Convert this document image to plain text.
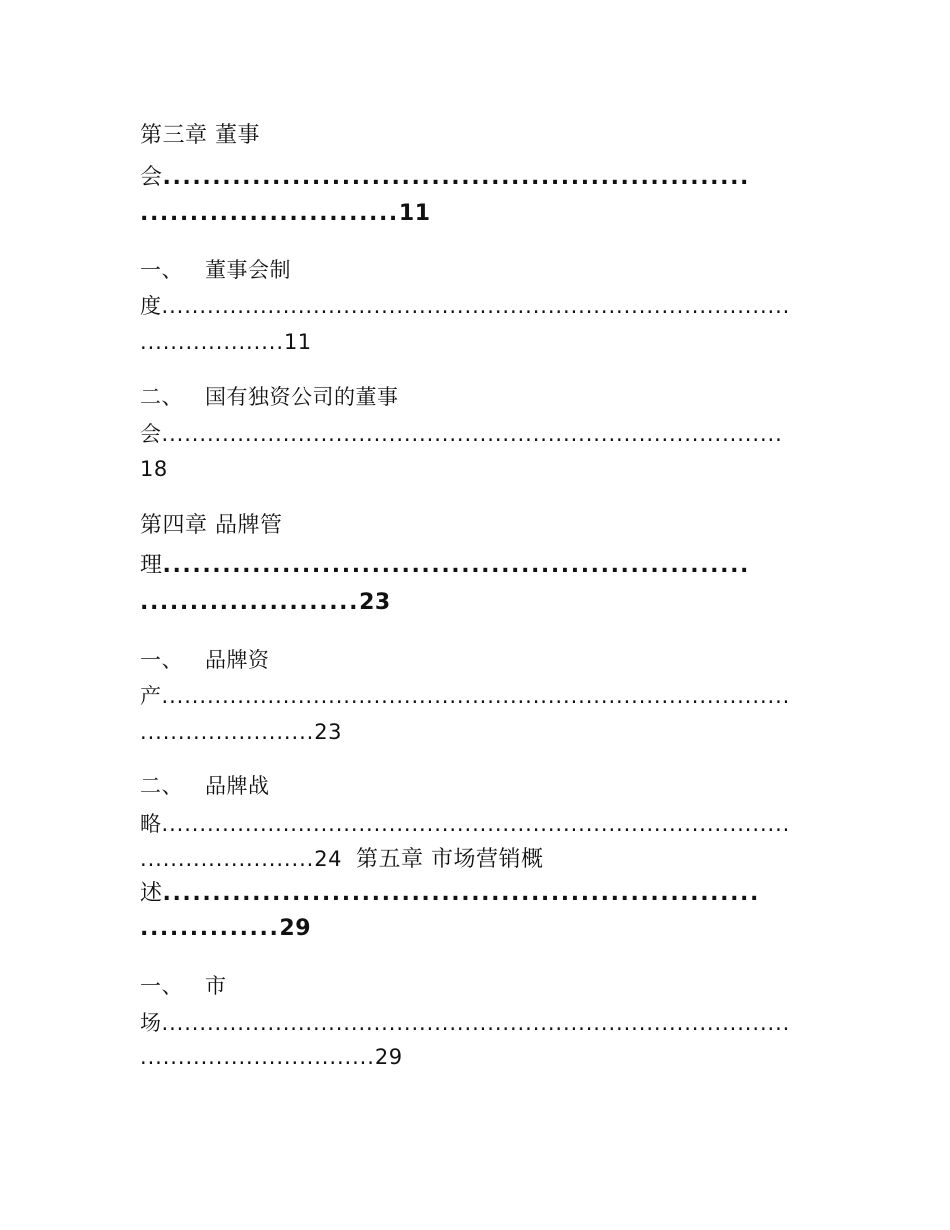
第三章 董事
会...........................................................
..........................11
一、 董事会制
度...................................................................................
...................11
二、 国有独资公司的董事
会..................................................................................
18
第四章 品牌管
理...........................................................
......................23
一、 品牌资
产...................................................................................
.......................23
二、 品牌战
略...................................................................................
.......................24 第五章 市场营销概
述............................................................
..............29
一、 市
场...................................................................................
...............................29
